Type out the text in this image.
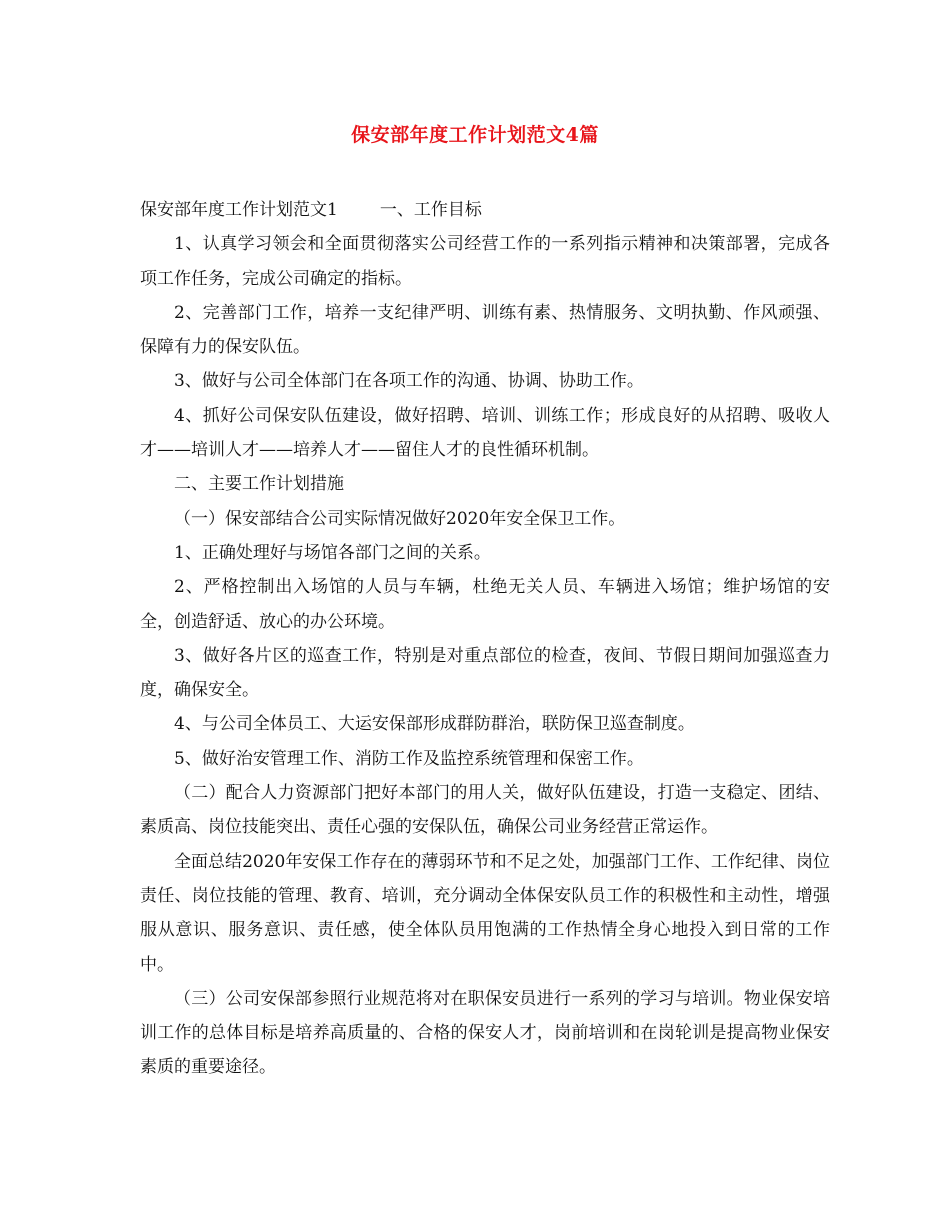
保安部年度工作计划范文4篇

保安部年度工作计划范文1 一、工作目标

1、认真学习领会和全面贯彻落实公司经营工作的一系列指示精神和决策部署，完成各项工作任务，完成公司确定的指标。

2、完善部门工作，培养一支纪律严明、训练有素、热情服务、文明执勤、作风顽强、保障有力的保安队伍。

3、做好与公司全体部门在各项工作的沟通、协调、协助工作。

4、抓好公司保安队伍建设，做好招聘、培训、训练工作；形成良好的从招聘、吸收人才——培训人才——培养人才——留住人才的良性循环机制。

二、主要工作计划措施

（一）保安部结合公司实际情况做好2020年安全保卫工作。

1、正确处理好与场馆各部门之间的关系。

2、严格控制出入场馆的人员与车辆，杜绝无关人员、车辆进入场馆；维护场馆的安全，创造舒适、放心的办公环境。

3、做好各片区的巡查工作，特别是对重点部位的检查，夜间、节假日期间加强巡查力度，确保安全。

4、与公司全体员工、大运安保部形成群防群治，联防保卫巡查制度。

5、做好治安管理工作、消防工作及监控系统管理和保密工作。

（二）配合人力资源部门把好本部门的用人关，做好队伍建设，打造一支稳定、团结、素质高、岗位技能突出、责任心强的安保队伍，确保公司业务经营正常运作。

全面总结2020年安保工作存在的薄弱环节和不足之处，加强部门工作、工作纪律、岗位责任、岗位技能的管理、教育、培训，充分调动全体保安队员工作的积极性和主动性，增强服从意识、服务意识、责任感，使全体队员用饱满的工作热情全身心地投入到日常的工作中。

（三）公司安保部参照行业规范将对在职保安员进行一系列的学习与培训。物业保安培训工作的总体目标是培养高质量的、合格的保安人才，岗前培训和在岗轮训是提高物业保安素质的重要途径。
